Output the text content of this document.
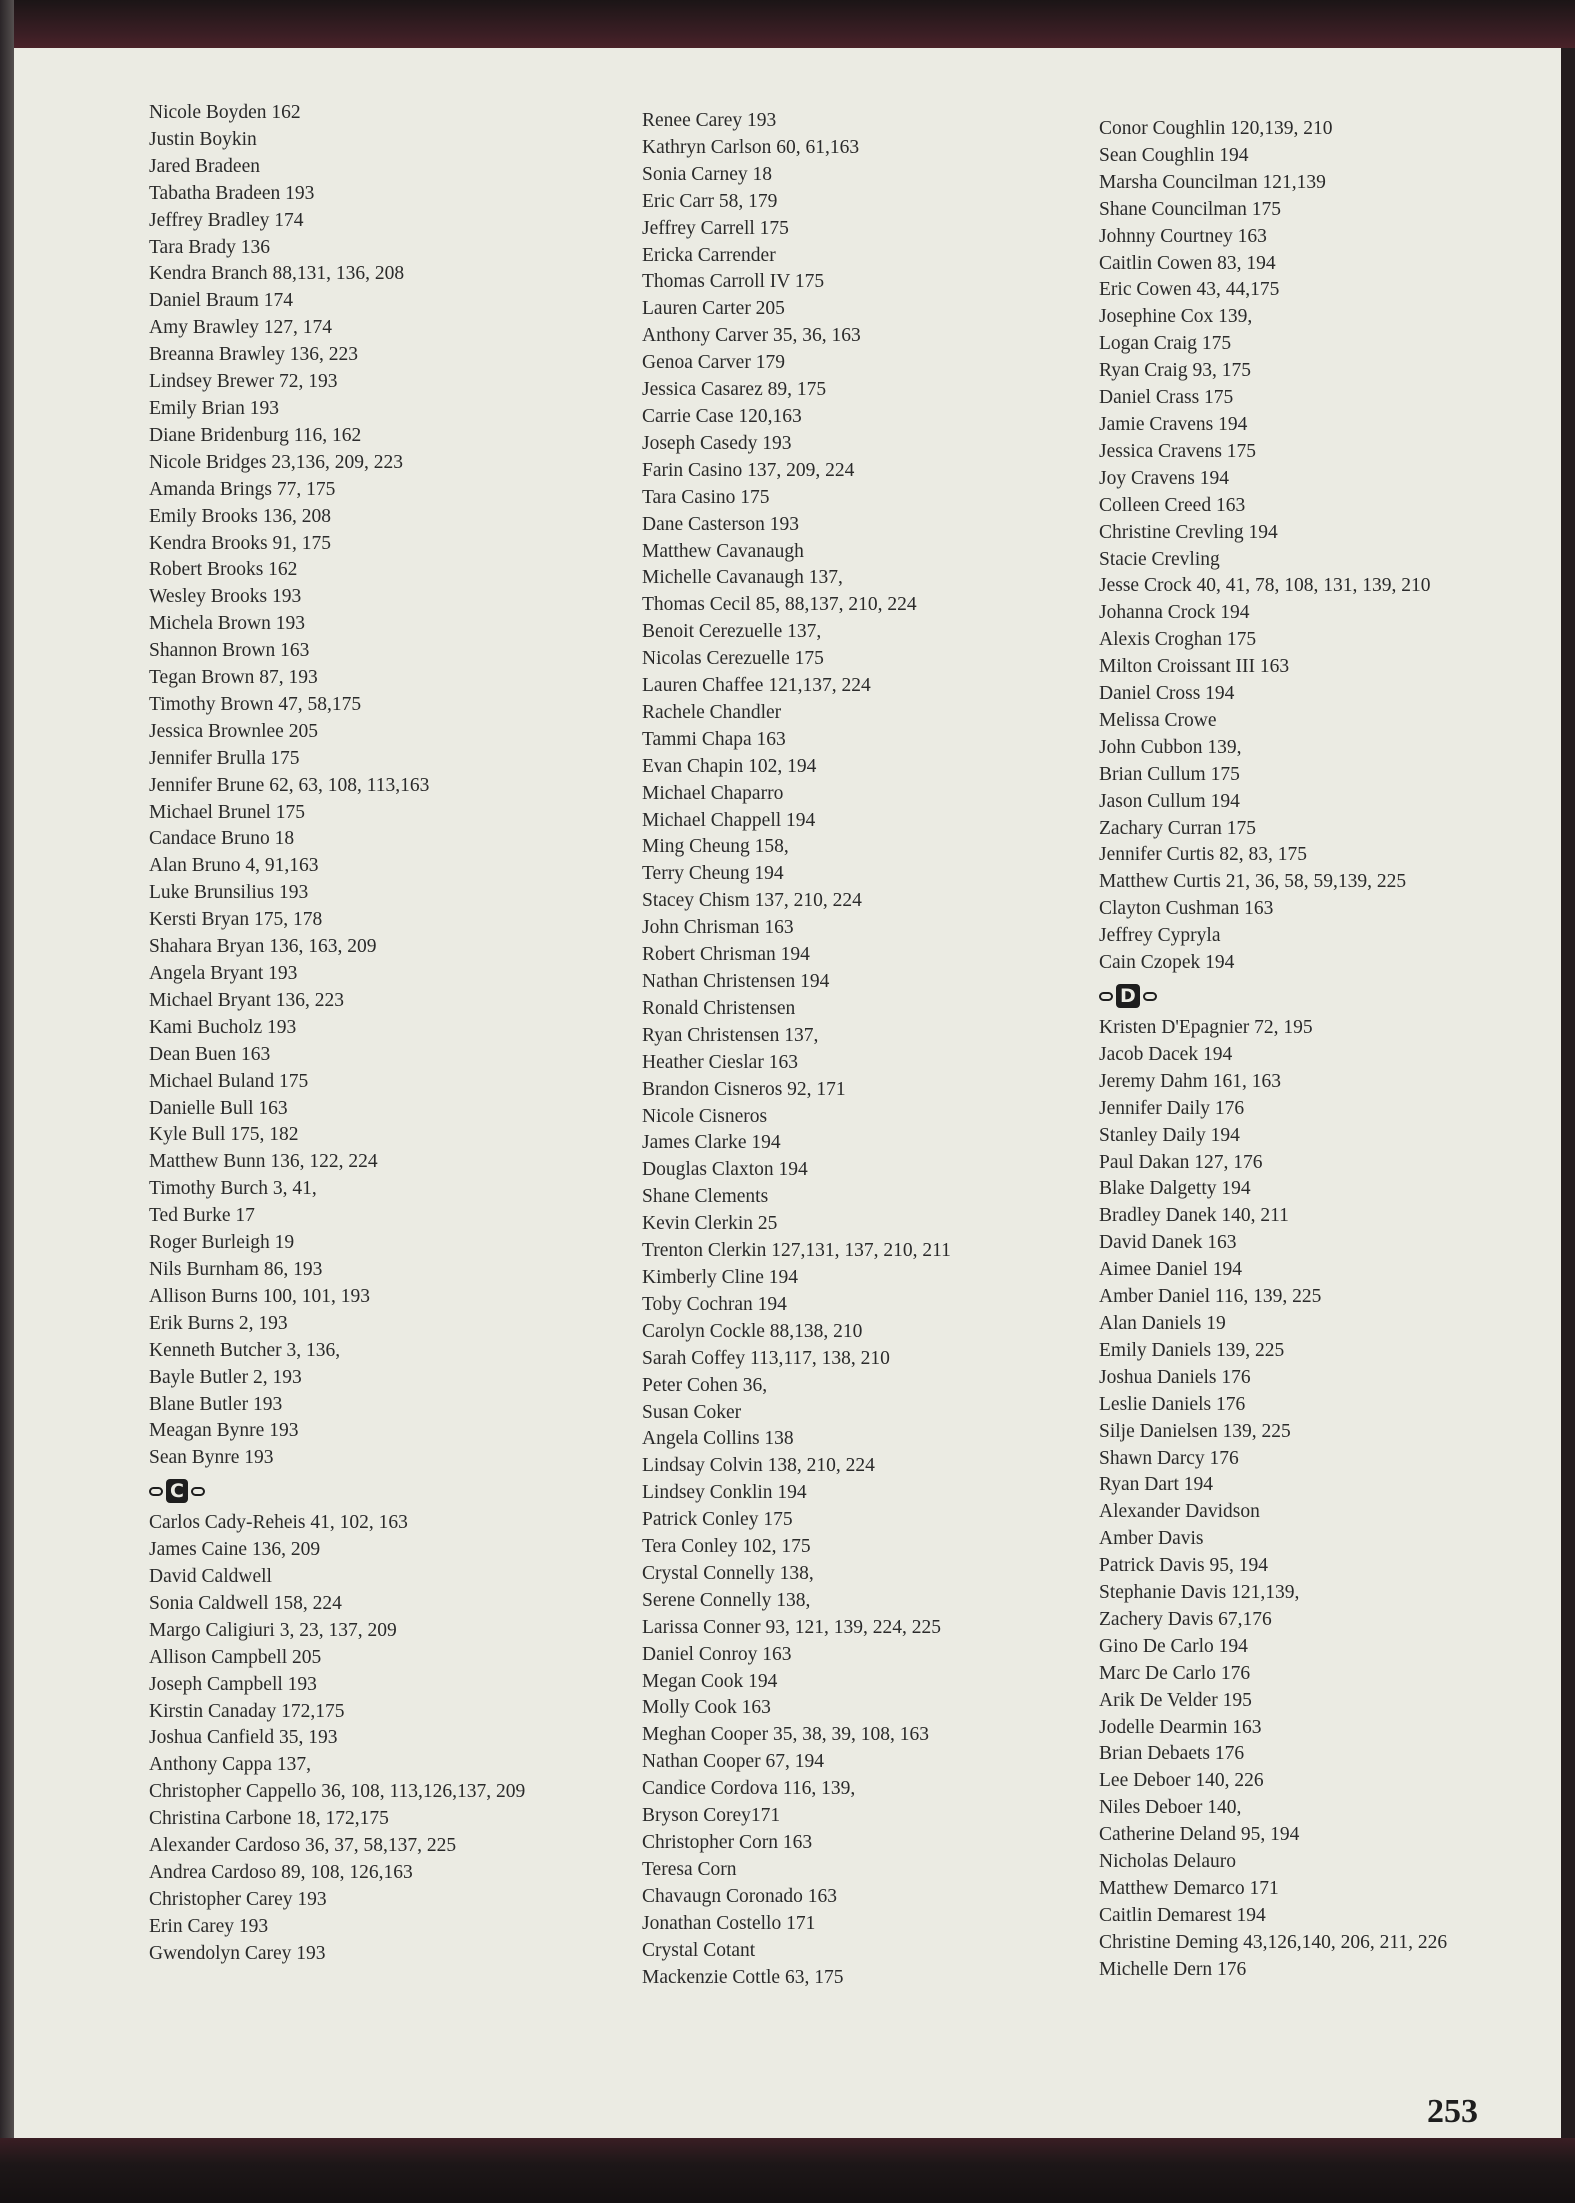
Nicole Boyden 162
Justin Boykin
Jared Bradeen
Tabatha Bradeen 193
Jeffrey Bradley 174
Tara Brady 136
Kendra Branch 88,131, 136, 208
Daniel Braum 174
Amy Brawley 127, 174
Breanna Brawley 136, 223
Lindsey Brewer 72, 193
Emily Brian 193
Diane Bridenburg 116, 162
Nicole Bridges 23,136, 209, 223
Amanda Brings 77, 175
Emily Brooks 136, 208
Kendra Brooks 91, 175
Robert Brooks 162
Wesley Brooks 193
Michela Brown 193
Shannon Brown 163
Tegan Brown 87, 193
Timothy Brown 47, 58,175
Jessica Brownlee 205
Jennifer Brulla 175
Jennifer Brune 62, 63, 108, 113,163
Michael Brunel 175
Candace Bruno 18
Alan Bruno 4, 91,163
Luke Brunsilius 193
Kersti Bryan 175, 178
Shahara Bryan 136, 163, 209
Angela Bryant 193
Michael Bryant 136, 223
Kami Bucholz 193
Dean Buen 163
Michael Buland 175
Danielle Bull 163
Kyle Bull 175, 182
Matthew Bunn 136, 122, 224
Timothy Burch 3, 41,
Ted Burke 17
Roger Burleigh 19
Nils Burnham 86, 193
Allison Burns 100, 101, 193
Erik Burns 2, 193
Kenneth Butcher 3, 136,
Bayle Butler 2, 193
Blane Butler 193
Meagan Bynre 193
Sean Bynre 193
C
Carlos Cady-Reheis 41, 102, 163
James Caine 136, 209
David Caldwell
Sonia Caldwell 158, 224
Margo Caligiuri 3, 23, 137, 209
Allison Campbell 205
Joseph Campbell 193
Kirstin Canaday 172,175
Joshua Canfield 35, 193
Anthony Cappa 137,
Christopher Cappello 36, 108, 113,126,137, 209
Christina Carbone 18, 172,175
Alexander Cardoso 36, 37, 58,137, 225
Andrea Cardoso 89, 108, 126,163
Christopher Carey 193
Erin Carey 193
Gwendolyn Carey 193
Renee Carey 193
Kathryn Carlson 60, 61,163
Sonia Carney 18
Eric Carr 58, 179
Jeffrey Carrell 175
Ericka Carrender
Thomas Carroll IV 175
Lauren Carter 205
Anthony Carver 35, 36, 163
Genoa Carver 179
Jessica Casarez 89, 175
Carrie Case 120,163
Joseph Casedy 193
Farin Casino 137, 209, 224
Tara Casino 175
Dane Casterson 193
Matthew Cavanaugh
Michelle Cavanaugh 137,
Thomas Cecil 85, 88,137, 210, 224
Benoit Cerezuelle 137,
Nicolas Cerezuelle 175
Lauren Chaffee 121,137, 224
Rachele Chandler
Tammi Chapa 163
Evan Chapin 102, 194
Michael Chaparro
Michael Chappell 194
Ming Cheung 158,
Terry Cheung 194
Stacey Chism 137, 210, 224
John Chrisman 163
Robert Chrisman 194
Nathan Christensen 194
Ronald Christensen
Ryan Christensen 137,
Heather Cieslar 163
Brandon Cisneros 92, 171
Nicole Cisneros
James Clarke 194
Douglas Claxton 194
Shane Clements
Kevin Clerkin 25
Trenton Clerkin 127,131, 137, 210, 211
Kimberly Cline 194
Toby Cochran 194
Carolyn Cockle 88,138, 210
Sarah Coffey 113,117, 138, 210
Peter Cohen 36,
Susan Coker
Angela Collins 138
Lindsay Colvin 138, 210, 224
Lindsey Conklin 194
Patrick Conley 175
Tera Conley 102, 175
Crystal Connelly 138,
Serene Connelly 138,
Larissa Conner 93, 121, 139, 224, 225
Daniel Conroy 163
Megan Cook 194
Molly Cook 163
Meghan Cooper 35, 38, 39, 108, 163
Nathan Cooper 67, 194
Candice Cordova 116, 139,
Bryson Corey171
Christopher Corn 163
Teresa Corn
Chavaugn Coronado 163
Jonathan Costello 171
Crystal Cotant
Mackenzie Cottle 63, 175
Conor Coughlin 120,139, 210
Sean Coughlin 194
Marsha Councilman 121,139
Shane Councilman 175
Johnny Courtney 163
Caitlin Cowen 83, 194
Eric Cowen 43, 44,175
Josephine Cox 139,
Logan Craig 175
Ryan Craig 93, 175
Daniel Crass 175
Jamie Cravens 194
Jessica Cravens 175
Joy Cravens 194
Colleen Creed 163
Christine Crevling 194
Stacie Crevling
Jesse Crock 40, 41, 78, 108, 131, 139, 210
Johanna Crock 194
Alexis Croghan 175
Milton Croissant III 163
Daniel Cross 194
Melissa Crowe
John Cubbon 139,
Brian Cullum 175
Jason Cullum 194
Zachary Curran 175
Jennifer Curtis 82, 83, 175
Matthew Curtis 21, 36, 58, 59,139, 225
Clayton Cushman 163
Jeffrey Cypryla
Cain Czopek 194
D
Kristen D'Epagnier 72, 195
Jacob Dacek 194
Jeremy Dahm 161, 163
Jennifer Daily 176
Stanley Daily 194
Paul Dakan 127, 176
Blake Dalgetty 194
Bradley Danek 140, 211
David Danek 163
Aimee Daniel 194
Amber Daniel 116, 139, 225
Alan Daniels 19
Emily Daniels 139, 225
Joshua Daniels 176
Leslie Daniels 176
Silje Danielsen 139, 225
Shawn Darcy 176
Ryan Dart 194
Alexander Davidson
Amber Davis
Patrick Davis 95, 194
Stephanie Davis 121,139,
Zachery Davis 67,176
Gino De Carlo 194
Marc De Carlo 176
Arik De Velder 195
Jodelle Dearmin 163
Brian Debaets 176
Lee Deboer 140, 226
Niles Deboer 140,
Catherine Deland 95, 194
Nicholas Delauro
Matthew Demarco 171
Caitlin Demarest 194
Christine Deming 43,126,140, 206, 211, 226
Michelle Dern 176
253
